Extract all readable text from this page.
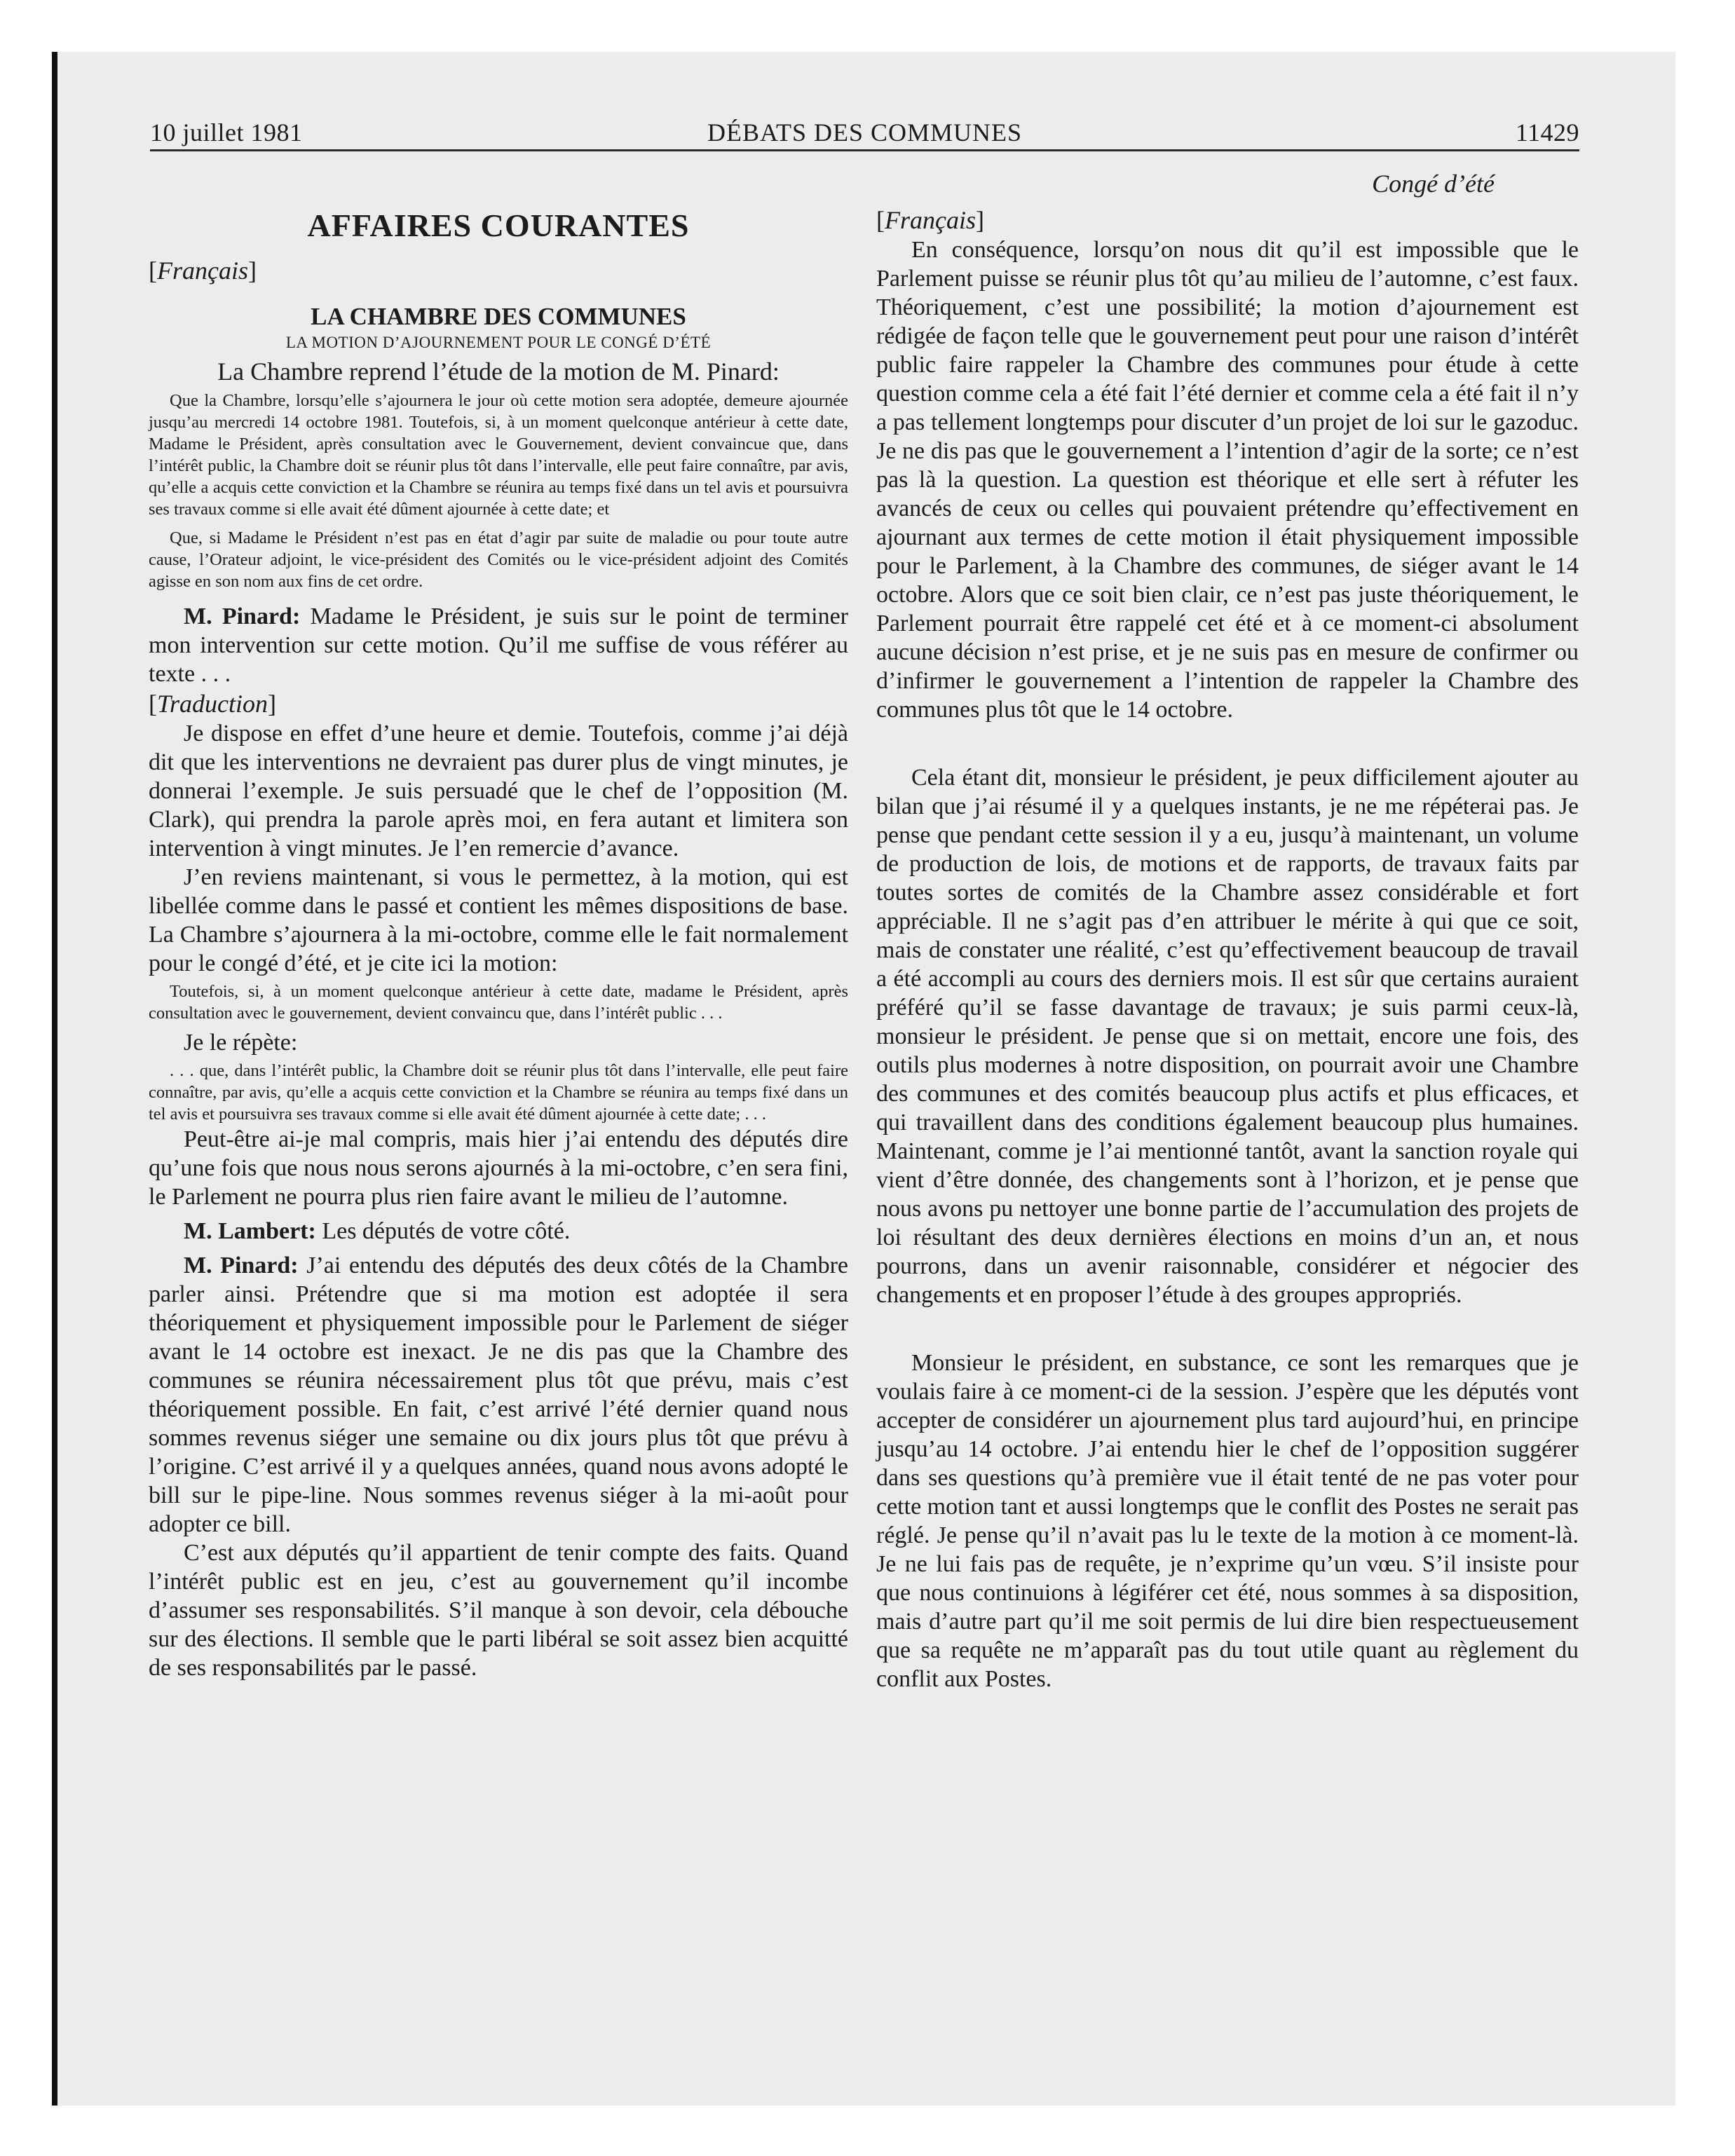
10 juillet 1981	DÉBATS DES COMMUNES	11429
AFFAIRES COURANTES
[ Français ]
LA CHAMBRE DES COMMUNES
LA MOTION D’AJOURNEMENT POUR LE CONGÉ D’ÉTÉ
La Chambre reprend l’étude de la motion de M. Pinard:

Que la Chambre, lorsqu’elle s’ajournera le jour où cette motion sera adoptée, demeure ajournée jusqu’au mercredi 14 octobre 1981. Toutefois, si, à un moment quelconque antérieur à cette date, Madame le Président, après consultation avec le Gouvernement, devient convaincue que, dans l’intérêt public, la Chambre doit se réunir plus tôt dans l’intervalle, elle peut faire connaître, par avis, qu’elle a acquis cette conviction et la Chambre se réunira au temps fixé dans un tel avis et poursuivra ses travaux comme si elle avait été dûment ajournée à cette date; et

Que, si Madame le Président n’est pas en état d’agir par suite de maladie ou pour toute autre cause, l’Orateur adjoint, le vice-président des Comités ou le vice-président adjoint des Comités agisse en son nom aux fins de cet ordre.

M. Pinard: Madame le Président, je suis sur le point de terminer mon intervention sur cette motion. Qu’il me suffise de vous référer au texte . . .

[ Traduction ]

Je dispose en effet d’une heure et demie. Toutefois, comme j’ai déjà dit que les interventions ne devraient pas durer plus de vingt minutes, je donnerai l’exemple. Je suis persuadé que le chef de l’opposition (M. Clark), qui prendra la parole après moi, en fera autant et limitera son intervention à vingt minutes. Je l’en remercie d’avance.

J’en reviens maintenant, si vous le permettez, à la motion, qui est libellée comme dans le passé et contient les mêmes dispositions de base. La Chambre s’ajournera à la mi-octobre, comme elle le fait normalement pour le congé d’été, et je cite ici la motion:

Toutefois, si, à un moment quelconque antérieur à cette date, madame le Président, après consultation avec le gouvernement, devient convaincu que, dans l’intérêt public . . .

Je le répète:

. . . que, dans l’intérêt public, la Chambre doit se réunir plus tôt dans l’intervalle, elle peut faire connaître, par avis, qu’elle a acquis cette conviction et la Chambre se réunira au temps fixé dans un tel avis et poursuivra ses travaux comme si elle avait été dûment ajournée à cette date; . . .

Peut-être ai-je mal compris, mais hier j’ai entendu des députés dire qu’une fois que nous nous serons ajournés à la mi-octobre, c’en sera fini, le Parlement ne pourra plus rien faire avant le milieu de l’automne.

M. Lambert: Les députés de votre côté.

M. Pinard: J’ai entendu des députés des deux côtés de la Chambre parler ainsi. Prétendre que si ma motion est adoptée il sera théoriquement et physiquement impossible pour le Parlement de siéger avant le 14 octobre est inexact. Je ne dis pas que la Chambre des communes se réunira nécessairement plus tôt que prévu, mais c’est théoriquement possible. En fait, c’est arrivé l’été dernier quand nous sommes revenus siéger une semaine ou dix jours plus tôt que prévu à l’origine. C’est arrivé il y a quelques années, quand nous avons adopté le bill sur le pipe-line. Nous sommes revenus siéger à la mi-août pour adopter ce bill.

C’est aux députés qu’il appartient de tenir compte des faits. Quand l’intérêt public est en jeu, c’est au gouvernement qu’il incombe d’assumer ses responsabilités. S’il manque à son devoir, cela débouche sur des élections. Il semble que le parti libéral se soit assez bien acquitté de ses responsabilités par le passé.

Congé d’été
[ Français ]

En conséquence, lorsqu’on nous dit qu’il est impossible que le Parlement puisse se réunir plus tôt qu’au milieu de l’automne, c’est faux. Théoriquement, c’est une possibilité; la motion d’ajournement est rédigée de façon telle que le gouvernement peut pour une raison d’intérêt public faire rappeler la Chambre des communes pour étude à cette question comme cela a été fait l’été dernier et comme cela a été fait il n’y a pas tellement longtemps pour discuter d’un projet de loi sur le gazoduc. Je ne dis pas que le gouvernement a l’intention d’agir de la sorte; ce n’est pas là la question. La question est théorique et elle sert à réfuter les avancés de ceux ou celles qui pouvaient prétendre qu’effectivement en ajournant aux termes de cette motion il était physiquement impossible pour le Parlement, à la Chambre des communes, de siéger avant le 14 octobre. Alors que ce soit bien clair, ce n’est pas juste théoriquement, le Parlement pourrait être rappelé cet été et à ce moment-ci absolument aucune décision n’est prise, et je ne suis pas en mesure de confirmer ou d’infirmer le gouvernement a l’intention de rappeler la Chambre des communes plus tôt que le 14 octobre.

Cela étant dit, monsieur le président, je peux difficilement ajouter au bilan que j’ai résumé il y a quelques instants, je ne me répéterai pas. Je pense que pendant cette session il y a eu, jusqu’à maintenant, un volume de production de lois, de motions et de rapports, de travaux faits par toutes sortes de comités de la Chambre assez considérable et fort appréciable. Il ne s’agit pas d’en attribuer le mérite à qui que ce soit, mais de constater une réalité, c’est qu’effectivement beaucoup de travail a été accompli au cours des derniers mois. Il est sûr que certains auraient préféré qu’il se fasse davantage de travaux; je suis parmi ceux-là, monsieur le président. Je pense que si on mettait, encore une fois, des outils plus modernes à notre disposition, on pourrait avoir une Chambre des communes et des comités beaucoup plus actifs et plus efficaces, et qui travaillent dans des conditions également beaucoup plus humaines. Maintenant, comme je l’ai mentionné tantôt, avant la sanction royale qui vient d’être donnée, des changements sont à l’horizon, et je pense que nous avons pu nettoyer une bonne partie de l’accumulation des projets de loi résultant des deux dernières élections en moins d’un an, et nous pourrons, dans un avenir raisonnable, considérer et négocier des changements et en proposer l’étude à des groupes appropriés.

Monsieur le président, en substance, ce sont les remarques que je voulais faire à ce moment-ci de la session. J’espère que les députés vont accepter de considérer un ajournement plus tard aujourd’hui, en principe jusqu’au 14 octobre. J’ai entendu hier le chef de l’opposition suggérer dans ses questions qu’à première vue il était tenté de ne pas voter pour cette motion tant et aussi longtemps que le conflit des Postes ne serait pas réglé. Je pense qu’il n’avait pas lu le texte de la motion à ce moment-là. Je ne lui fais pas de requête, je n’exprime qu’un vœu. S’il insiste pour que nous continuions à légiférer cet été, nous sommes à sa disposition, mais d’autre part qu’il me soit permis de lui dire bien respectueusement que sa requête ne m’apparaît pas du tout utile quant au règlement du conflit aux Postes.
